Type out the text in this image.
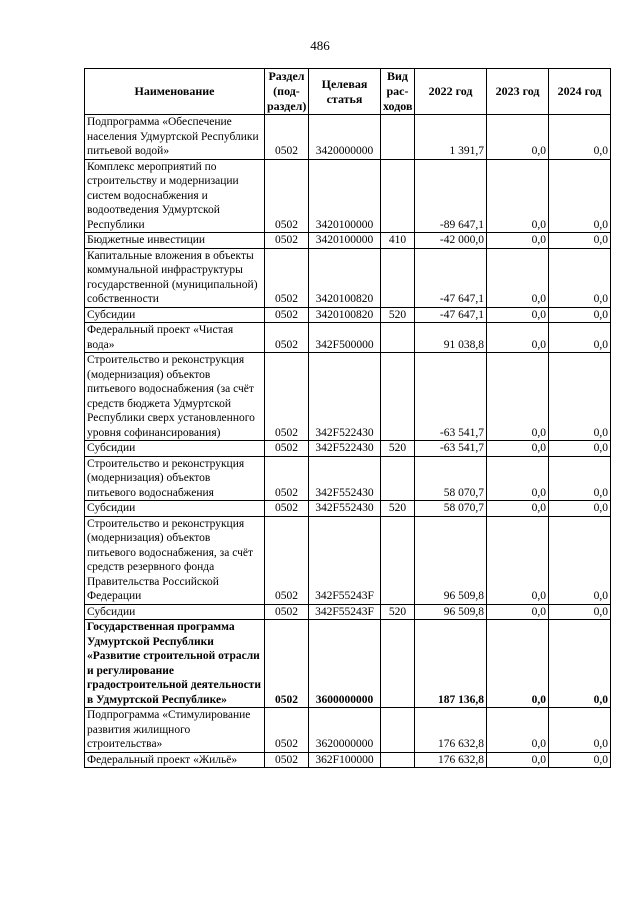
486
Наименование	Раздел (под-раздел)	Целевая статья	Вид рас-ходов	2022 год	2023 год	2024 год
Подпрограмма «Обеспечение населения Удмуртской Республики питьевой водой»	0502	3420000000		1 391,7	0,0	0,0
Комплекс мероприятий по строительству и модернизации систем водоснабжения и водоотведения Удмуртской Республики	0502	3420100000		-89 647,1	0,0	0,0
Бюджетные инвестиции	0502	3420100000	410	-42 000,0	0,0	0,0
Капитальные вложения в объекты коммунальной инфраструктуры государственной (муниципальной) собственности	0502	3420100820		-47 647,1	0,0	0,0
Субсидии	0502	3420100820	520	-47 647,1	0,0	0,0
Федеральный проект «Чистая вода»	0502	342F500000		91 038,8	0,0	0,0
Строительство и реконструкция (модернизация) объектов питьевого водоснабжения (за счёт средств бюджета Удмуртской Республики сверх установленного уровня софинансирования)	0502	342F522430		-63 541,7	0,0	0,0
Субсидии	0502	342F522430	520	-63 541,7	0,0	0,0
Строительство и реконструкция (модернизация) объектов питьевого водоснабжения	0502	342F552430		58 070,7	0,0	0,0
Субсидии	0502	342F552430	520	58 070,7	0,0	0,0
Строительство и реконструкция (модернизация) объектов питьевого водоснабжения, за счёт средств резервного фонда Правительства Российской Федерации	0502	342F55243F		96 509,8	0,0	0,0
Субсидии	0502	342F55243F	520	96 509,8	0,0	0,0
Государственная программа Удмуртской Республики «Развитие строительной отрасли и регулирование градостроительной деятельности в Удмуртской Республике»	0502	3600000000		187 136,8	0,0	0,0
Подпрограмма «Стимулирование развития жилищного строительства»	0502	3620000000		176 632,8	0,0	0,0
Федеральный проект «Жильё»	0502	362F100000		176 632,8	0,0	0,0
